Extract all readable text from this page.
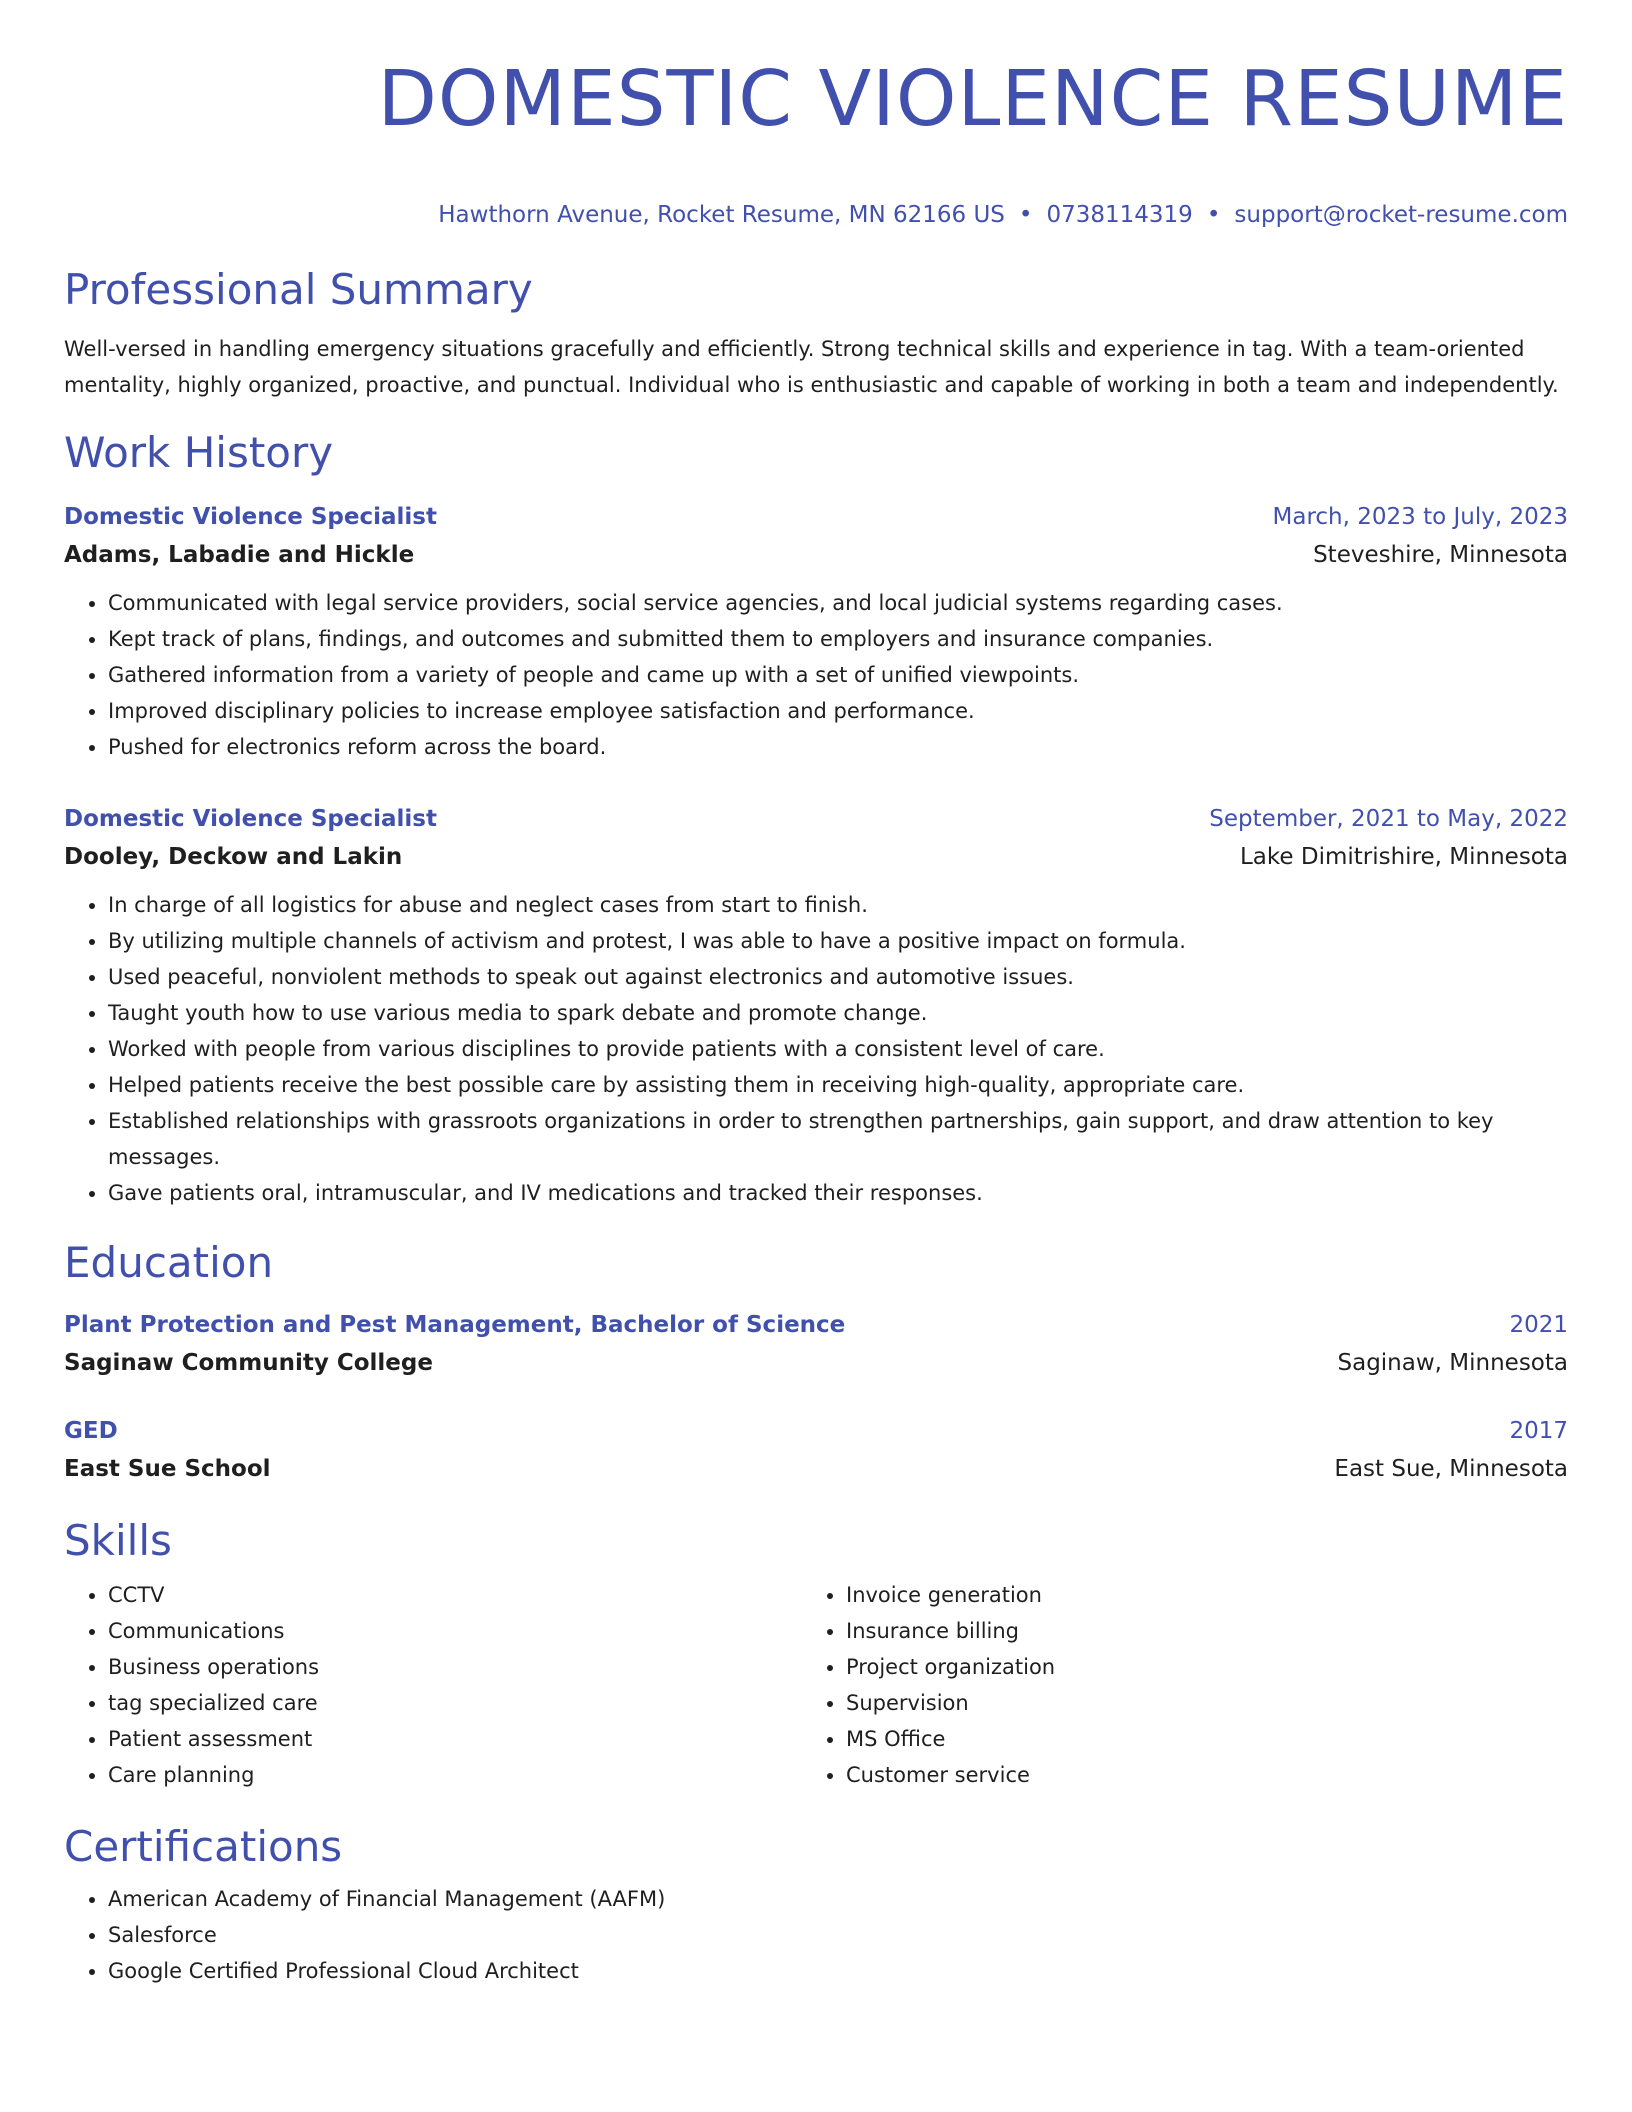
DOMESTIC VIOLENCE RESUME
Hawthorn Avenue, Rocket Resume, MN 62166 US • 0738114319 • support@rocket-resume.com
Professional Summary

Well-versed in handling emergency situations gracefully and efficiently. Strong technical skills and experience in tag. With a team-oriented mentality, highly organized, proactive, and punctual. Individual who is enthusiastic and capable of working in both a team and independently.

Work History
Domestic Violence Specialist	March, 2023 to July, 2023
Adams, Labadie and Hickle	Steveshire, Minnesota
• Communicated with legal service providers, social service agencies, and local judicial systems regarding cases.
• Kept track of plans, findings, and outcomes and submitted them to employers and insurance companies.
• Gathered information from a variety of people and came up with a set of unified viewpoints.
• Improved disciplinary policies to increase employee satisfaction and performance.
• Pushed for electronics reform across the board.
Domestic Violence Specialist	September, 2021 to May, 2022
Dooley, Deckow and Lakin	Lake Dimitrishire, Minnesota
• In charge of all logistics for abuse and neglect cases from start to finish.
• By utilizing multiple channels of activism and protest, I was able to have a positive impact on formula.
• Used peaceful, nonviolent methods to speak out against electronics and automotive issues.
• Taught youth how to use various media to spark debate and promote change.
• Worked with people from various disciplines to provide patients with a consistent level of care.
• Helped patients receive the best possible care by assisting them in receiving high-quality, appropriate care.
• Established relationships with grassroots organizations in order to strengthen partnerships, gain support, and draw attention to key messages.
• Gave patients oral, intramuscular, and IV medications and tracked their responses.
Education
Plant Protection and Pest Management, Bachelor of Science	2021
Saginaw Community College	Saginaw, Minnesota
GED	2017
East Sue School	East Sue, Minnesota
Skills
• CCTV
• Communications
• Business operations
• tag specialized care
• Patient assessment
• Care planning
• Invoice generation
• Insurance billing
• Project organization
• Supervision
• MS Office
• Customer service
Certifications
• American Academy of Financial Management (AAFM)
• Salesforce
• Google Certified Professional Cloud Architect
